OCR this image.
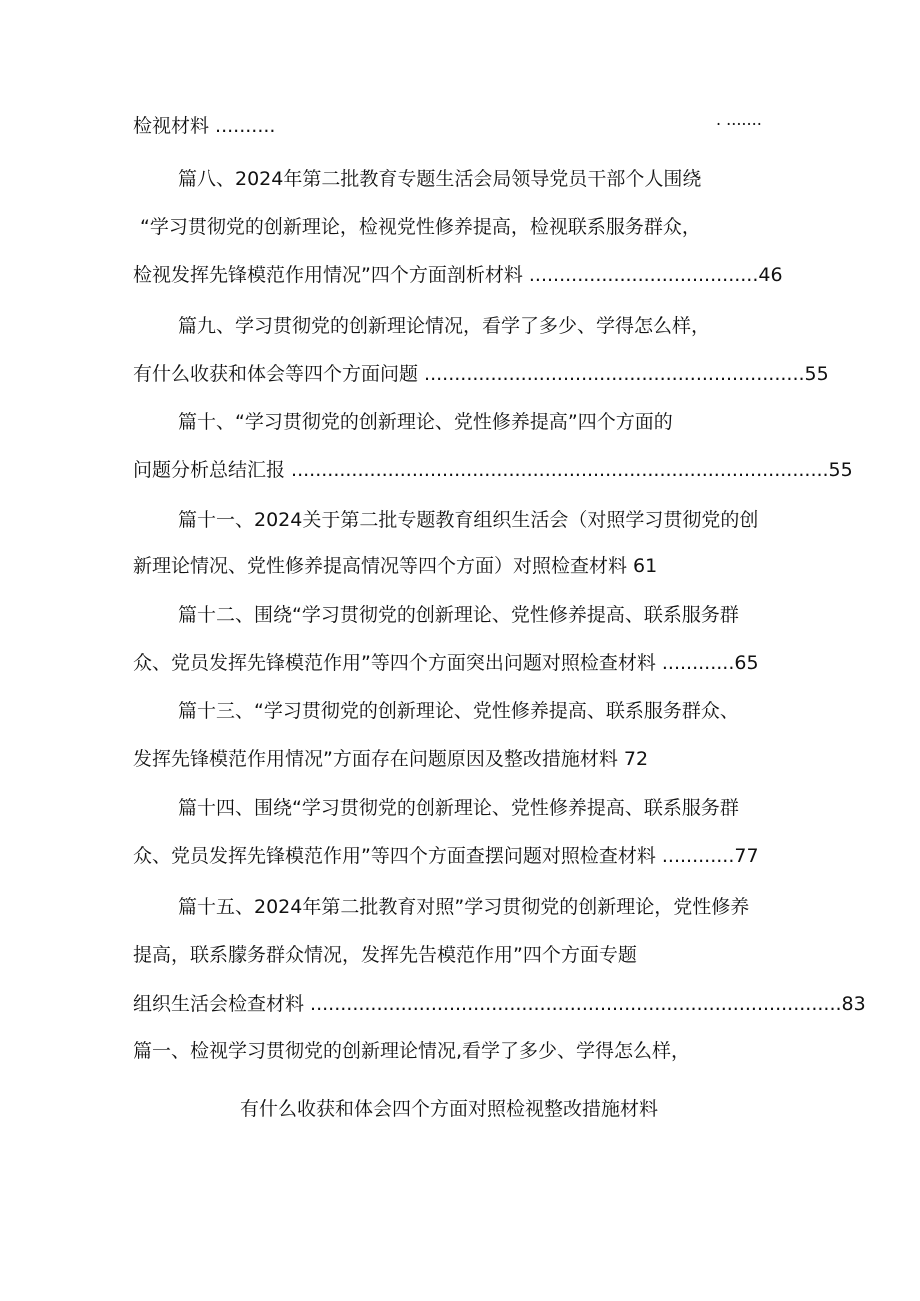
检视材料 ..........	. .......
篇八、2024年第二批教育专题生活会局领导党员干部个人围绕
“学习贯彻党的创新理论，检视党性修养提高，检视联系服务群众，
检视发挥先锋模范作用情况”四个方面剖析材料 ......................................46
篇九、学习贯彻党的创新理论情况，看学了多少、学得怎么样，
有什么收获和体会等四个方面问题 ...............................................................55
篇十、“学习贯彻党的创新理论、党性修养提高”四个方面的
问题分析总结汇报 .........................................................................................55
篇十一、2024关于第二批专题教育组织生活会（对照学习贯彻党的创
新理论情况、党性修养提高情况等四个方面）对照检查材料 61
篇十二、围绕“学习贯彻党的创新理论、党性修养提高、联系服务群
众、党员发挥先锋模范作用”等四个方面突出问题对照检查材料 ............65
篇十三、“学习贯彻党的创新理论、党性修养提高、联系服务群众、
发挥先锋模范作用情况”方面存在问题原因及整改措施材料 72
篇十四、围绕“学习贯彻党的创新理论、党性修养提高、联系服务群
众、党员发挥先锋模范作用”等四个方面查摆问题对照检查材料 ............77
篇十五、2024年第二批教育对照”学习贯彻党的创新理论，党性修养
提高，联系朦务群众情况，发挥先告模范作用”四个方面专题
组织生活会检查材料 ........................................................................................83
篇一、检视学习贯彻党的创新理论情况,看学了多少、学得怎么样，
有什么收获和体会四个方面对照检视整改措施材料
